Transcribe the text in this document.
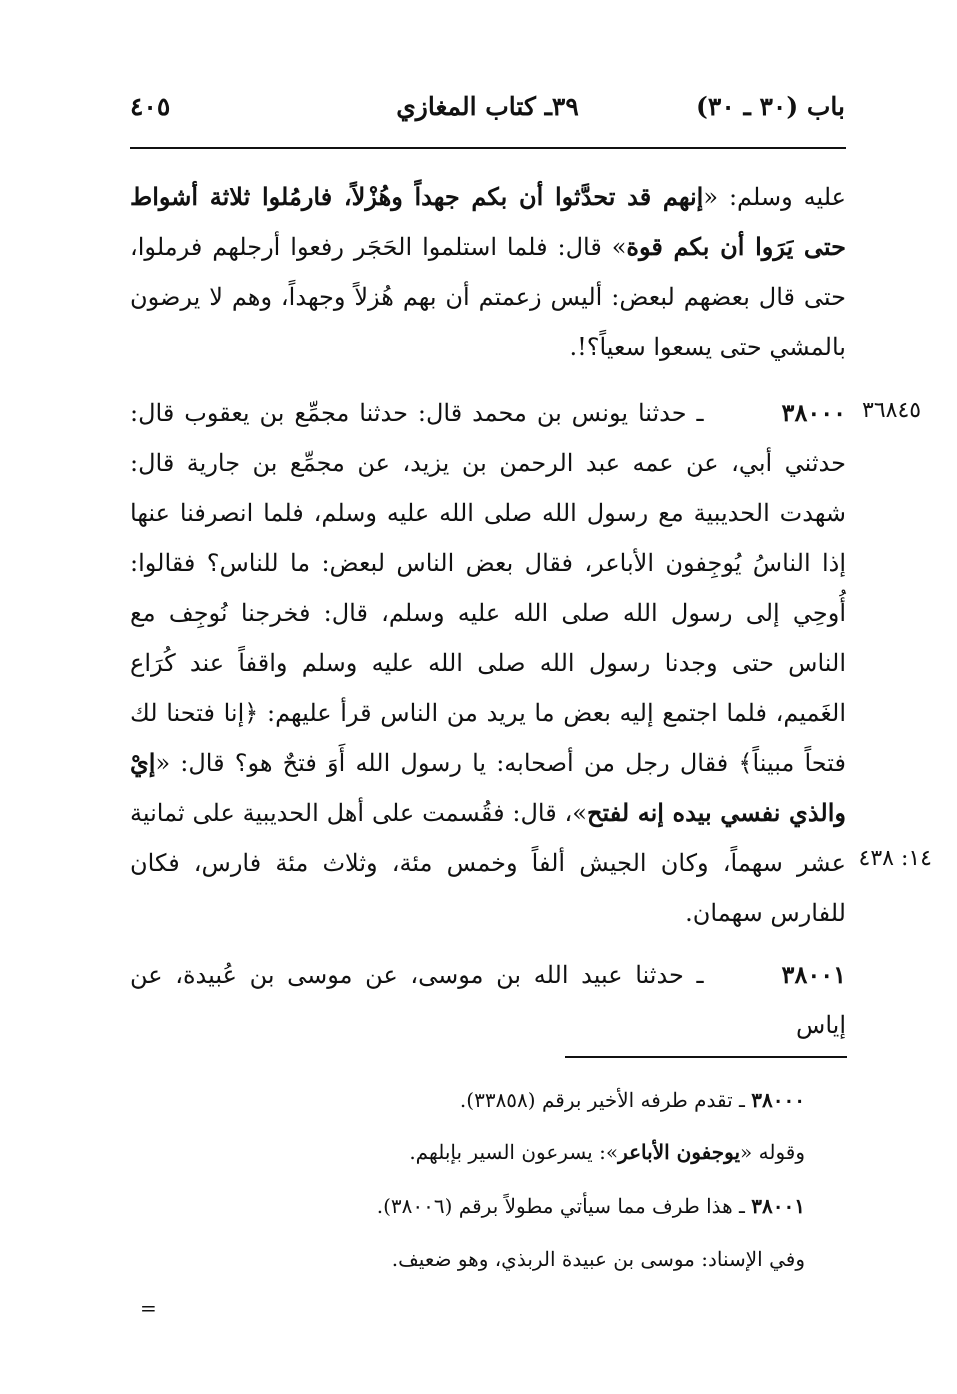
باب (٣٠ ـ ٣٠)
٣٩ـ كتاب المغازي
٤٠٥
عليه وسلم: «إنهم قد تحدَّثوا أن بكم جهداً وهُزْلاً، فارمُلوا ثلاثة أشواط حتى يَرَوا أن بكم قوة» قال: فلما استلموا الحَجَر رفعوا أرجلهم فرملوا، حتى قال بعضهم لبعض: أليس زعمتم أن بهم هُزلاً وجهداً، وهم لا يرضون بالمشي حتى يسعوا سعياً؟!.
٣٦٨٤٥
٣٨٠٠٠ـ حدثنا يونس بن محمد قال: حدثنا مجمِّع بن يعقوب قال: حدثني أبي، عن عمه عبد الرحمن بن يزيد، عن مجمِّع بن جارية قال: شهدت الحديبية مع رسول الله صلى الله عليه وسلم، فلما انصرفنا عنها إذا الناسُ يُوجِفون الأباعر، فقال بعض الناس لبعض: ما للناس؟ فقالوا: أُوحِي إلى رسول الله صلى الله عليه وسلم، قال: فخرجنا نُوجِف مع الناس حتى وجدنا رسول الله صلى الله عليه وسلم واقفاً عند كُرَاع الغَميم، فلما اجتمع إليه بعض ما يريد من الناس قرأ عليهم: ﴿إنا فتحنا لك فتحاً مبيناً﴾ فقال رجل من أصحابه: يا رسول الله أَوَ فتحٌ هو؟ قال: «إيْ والذي نفسي بيده إنه لفتح»، قال: فقُسمت على أهل الحديبية على ثمانية عشر سهماً، وكان الجيش ألفاً وخمس مئة، وثلاث مئة فارس، فكان للفارس سهمان.
١٤: ٤٣٨
٣٨٠٠١ـ حدثنا عبيد الله بن موسى، عن موسى بن عُبيدة، عن إياس
٣٨٠٠٠ ـ تقدم طرفه الأخير برقم (٣٣٨٥٨).
وقوله «يوجفون الأباعر»: يسرعون السير بإبلهم.
٣٨٠٠١ ـ هذا طرف مما سيأتي مطولاً برقم (٣٨٠٠٦).
وفي الإسناد: موسى بن عبيدة الربذي، وهو ضعيف.
=
